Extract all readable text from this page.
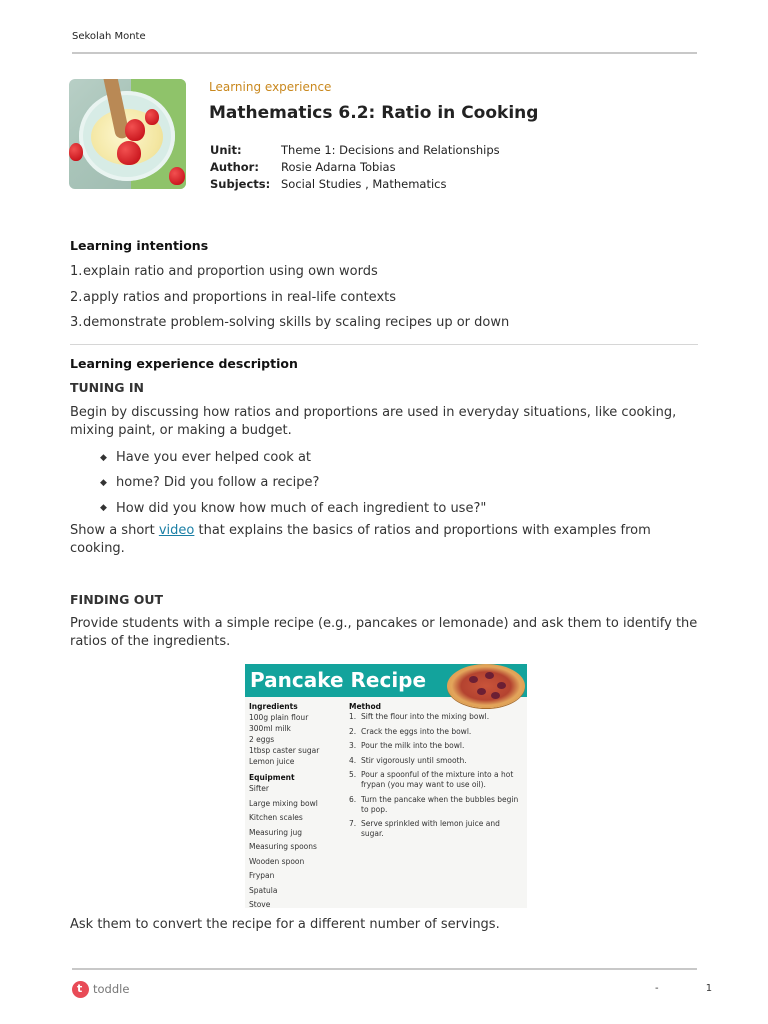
Sekolah Monte
Learning experience
Mathematics 6.2: Ratio in Cooking
Unit:	Theme 1: Decisions and Relationships
Author:	Rosie Adarna Tobias
Subjects: Social Studies , Mathematics
Learning intentions
1. explain ratio and proportion using own words
2. apply ratios and proportions in real-life contexts
3. demonstrate problem-solving skills by scaling recipes up or down
Learning experience description
TUNING IN

Begin by discussing how ratios and proportions are used in everyday situations, like cooking, mixing paint, or making a budget.

◆ Have you ever helped cook at
◆ home? Did you follow a recipe?
◆ How did you know how much of each ingredient to use?"

Show a short video that explains the basics of ratios and proportions with examples from cooking.

FINDING OUT

Provide students with a simple recipe (e.g., pancakes or lemonade) and ask them to identify the ratios of the ingredients.

Pancake Recipe
Ingredients
100g plain flour
300ml milk
2 eggs
1tbsp caster sugar
Lemon juice
Equipment
Sifter
Large mixing bowl
Kitchen scales
Measuring jug
Measuring spoons
Wooden spoon
Frypan
Spatula
Stove
Method
1. Sift the flour into the mixing bowl.
2. Crack the eggs into the bowl.
3. Pour the milk into the bowl.
4. Stir vigorously until smooth.
5. Pour a spoonful of the mixture into a hot frypan (you may want to use oil).
6. Turn the pancake when the bubbles begin to pop.
7. Serve sprinkled with lemon juice and sugar.

Ask them to convert the recipe for a different number of servings.

t toddle	- 1
